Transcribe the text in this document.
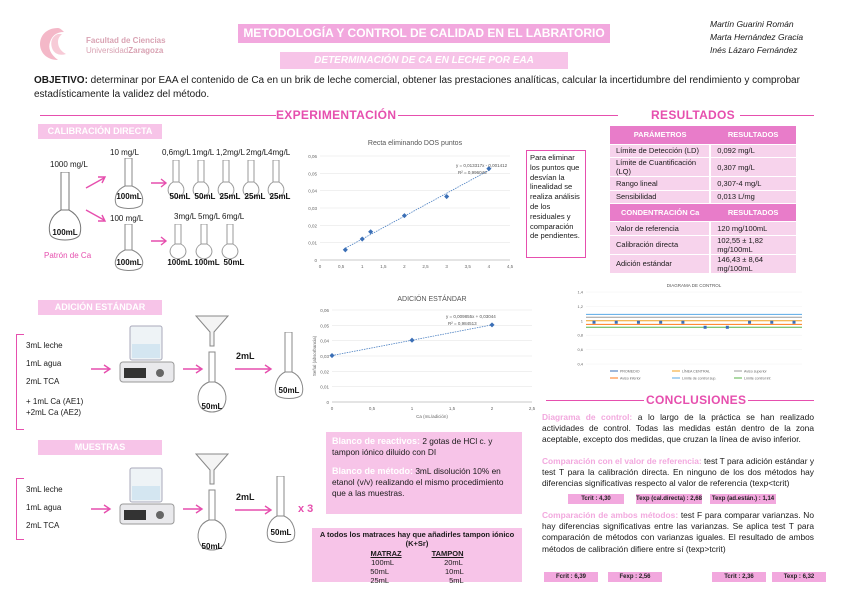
Facultad de Ciencias
UniversidadZaragoza
METODOLOGÍA Y CONTROL DE CALIDAD EN EL LABRATORIO
DETERMINACIÓN DE CA EN LECHE POR EAA
Martín Guarini Román
Marta Hernández Gracia
Inés Lázaro Fernández
OBJETIVO: determinar por EAA el contenido de Ca en un brik de leche comercial, obtener las prestaciones analíticas, calcular la incertidumbre del rendimiento y comprobar estadísticamente la validez del método.
EXPERIMENTACIÓN	RESULTADOS
CALIBRACIÓN DIRECTA
1000 mg/L
100mL
Patrón de Ca
10 mg/L
100mL
0,6mg/L 1mg/L 1,2mg/L 2mg/L 4mg/L
50mL 50mL 25mL 25mL 25mL
100 mg/L
100mL
3mg/L 5mg/L 6mg/L
100mL 100mL 50mL
Recta eliminando DOS puntos
0
0,01
0,02
0,03
0,04
0,05
0,06
0	0,5	1	1,5	2	2,5	3	3,5	4	4,5
y = 0,013317x - 0,001412
R² = 0,996043
Para eliminar los puntos que desvían la linealidad se realiza análisis de los residuales y comparación de pendientes.
PARÁMETROS	RESULTADOS
Límite de Detección (LD)	0,092 mg/L
Límite de Cuantificación (LQ)	0,307 mg/L
Rango lineal	0,307-4 mg/L
Sensibilidad	0,013 L/mg
CONDENTRACIÓN Ca	RESULTADOS
Valor de referencia	120 mg/100mL
Calibración directa	102,55 ± 1,82 mg/100mL
Adición estándar	146,43 ± 8,64 mg/100mL
DIAGRAMA DE CONTROL
1,4
1,2
1
0,8
0,6
0,4
PROMEDIO	LÍNEA CENTRAL	Aviso superior
Aviso inferior	Límite de control sup.	Límite control inf.
ADICIÓN ESTÁNDAR
3mL leche
1mL agua
2mL TCA
+ 1mL Ca (AE1)
+2mL Ca (AE2)
50mL
2mL
50mL
ADICIÓN ESTÁNDAR
0
0,01
0,02
0,03
0,04
0,05
0,06
0	0,5	1	1,5	2	2,5
y = 0,009855x + 0,03044
R² = 0,984513
Señal (absorbancia)
Ca (mL/adición)
MUESTRAS
3mL leche
1mL agua
2mL TCA
50mL
2mL
50mL
x 3
Blanco de reactivos: 2 gotas de HCl c. y tampon iónico diluido con DI
Blanco de método: 3mL disolución 10% en etanol (v/v) realizando el mismo procedimiento que a las muestras.
A todos los matraces hay que añadirles tampon iónico (K+Sr)
MATRAZ	TAMPON
100mL	20mL
50mL	10mL
25mL	5mL
CONCLUSIONES
Diagrama de control: a lo largo de la práctica se han realizado actividades de control. Todas las medidas están dentro de la zona aceptable, excepto dos medidas, que cruzan la línea de aviso inferior.
Comparación con el valor de referencia: test T para adición estándar y test T para la calibración directa. En ninguno de los dos métodos hay diferencias significativas respecto al valor de referencia (texp<tcrit)
Tcrit : 4,30	Texp (cal.directa) : 2,68	Texp (ad.están.) : 1,14
Comparación de ambos métodos: test F para comparar varianzas. No hay diferencias significativas entre las varianzas. Se aplica test T para comparación de métodos con varianzas iguales. El resultado de ambos métodos de calibración difiere entre sí (texp>tcrit)
Fcrit : 6,39	Fexp : 2,56	Tcrit : 2,36	Texp : 6,32
